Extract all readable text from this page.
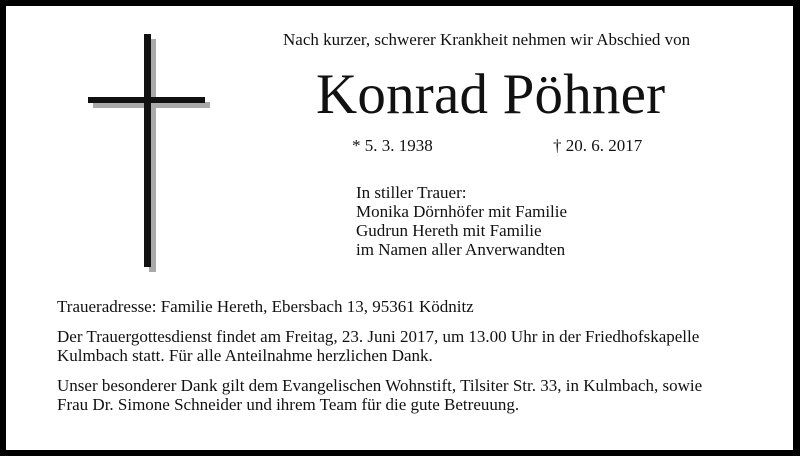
Nach kurzer, schwerer Krankheit nehmen wir Abschied von
Konrad Pöhner
* 5. 3. 1938	† 20. 6. 2017
In stiller Trauer:
Monika Dörnhöfer mit Familie
Gudrun Hereth mit Familie
im Namen aller Anverwandten

Traueradresse: Familie Hereth, Ebersbach 13, 95361 Ködnitz

Der Trauergottesdienst findet am Freitag, 23. Juni 2017, um 13.00 Uhr in der Friedhofskapelle
Kulmbach statt. Für alle Anteilnahme herzlichen Dank.

Unser besonderer Dank gilt dem Evangelischen Wohnstift, Tilsiter Str. 33, in Kulmbach, sowie
Frau Dr. Simone Schneider und ihrem Team für die gute Betreuung.
